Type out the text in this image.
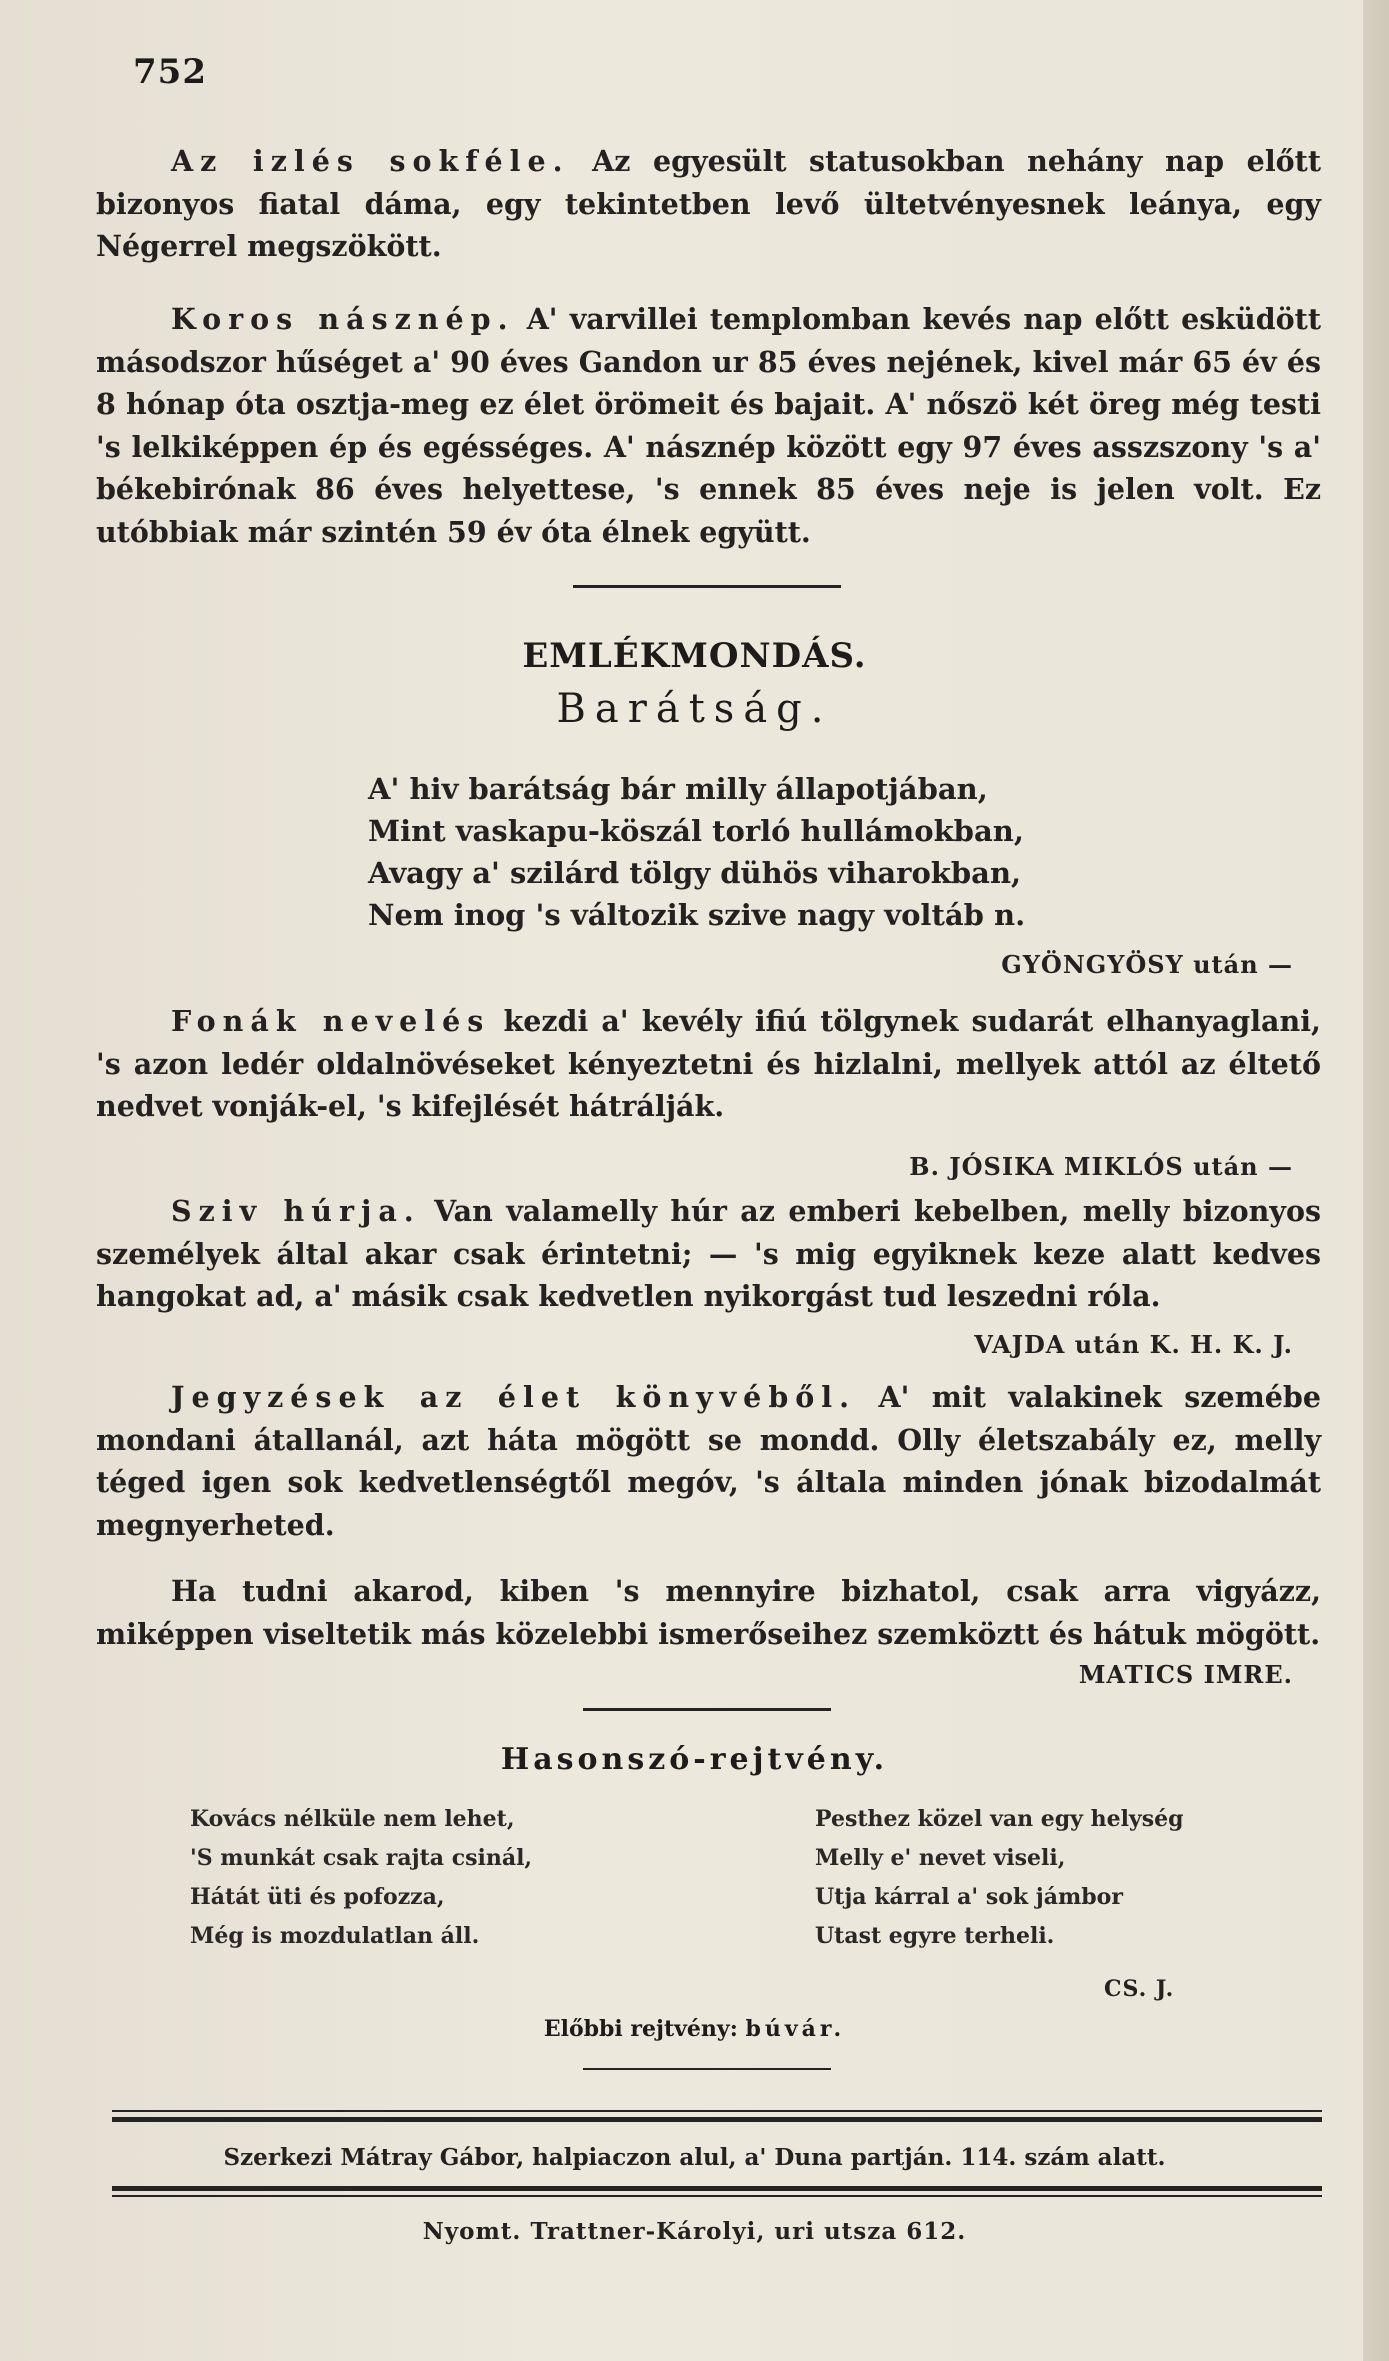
752

Az izlés sokféle. Az egyesült statusokban nehány nap előtt bizonyos fiatal dáma, egy tekintetben levő ültetvényesnek leánya, egy Négerrel megszökött.

Koros násznép. A' varvillei templomban kevés nap előtt esküdött másodszor hűséget a' 90 éves Gandon ur 85 éves nejének, kivel már 65 év és 8 hónap óta osztja-meg ez élet örömeit és bajait. A' nőszö két öreg még testi 's lelkiképpen ép és egésséges. A' násznép között egy 97 éves asszszony 's a' békebirónak 86 éves helyettese, 's ennek 85 éves neje is jelen volt. Ez utóbbiak már szintén 59 év óta élnek együtt.

EMLÉKMONDÁS.
Barátság.
A' hiv barátság bár milly állapotjában,
Mint vaskapu-köszál torló hullámokban,
Avagy a' szilárd tölgy dühös viharokban,
Nem inog 's változik szive nagy voltáb n.
GYÖNGYÖSY után —

Fonák nevelés kezdi a' kevély ifiú tölgynek sudarát elhanyaglani, 's azon ledér oldalnövéseket kényeztetni és hizlalni, mellyek attól az éltető nedvet vonják-el, 's kifejlését hátrálják.

B. JÓSIKA MIKLÓS után —

Sziv húrja. Van valamelly húr az emberi kebelben, melly bizonyos személyek által akar csak érintetni; — 's mig egyiknek keze alatt kedves hangokat ad, a' másik csak kedvetlen nyikorgást tud leszedni róla.

VAJDA után K. H. K. J.

Jegyzések az élet könyvéből. A' mit valakinek szemébe mondani átallanál, azt háta mögött se mondd. Olly életszabály ez, melly téged igen sok kedvetlenségtől megóv, 's általa minden jónak bizodalmát megnyerheted.

Ha tudni akarod, kiben 's mennyire bizhatol, csak arra vigyázz, miképpen viseltetik más közelebbi ismerőseihez szemköztt és hátuk mögött.

MATICS IMRE.
Hasonszó-rejtvény.
Kovács nélküle nem lehet,
'S munkát csak rajta csinál,
Hátát üti és pofozza,
Még is mozdulatlan áll.
Pesthez közel van egy helység
Melly e' nevet viseli,
Utja kárral a' sok jámbor
Utast egyre terheli.
CS. J.
Előbbi rejtvény: búvár.
Szerkezi Mátray Gábor, halpiaczon alul, a' Duna partján. 114. szám alatt.
Nyomt. Trattner-Károlyi, uri utsza 612.
